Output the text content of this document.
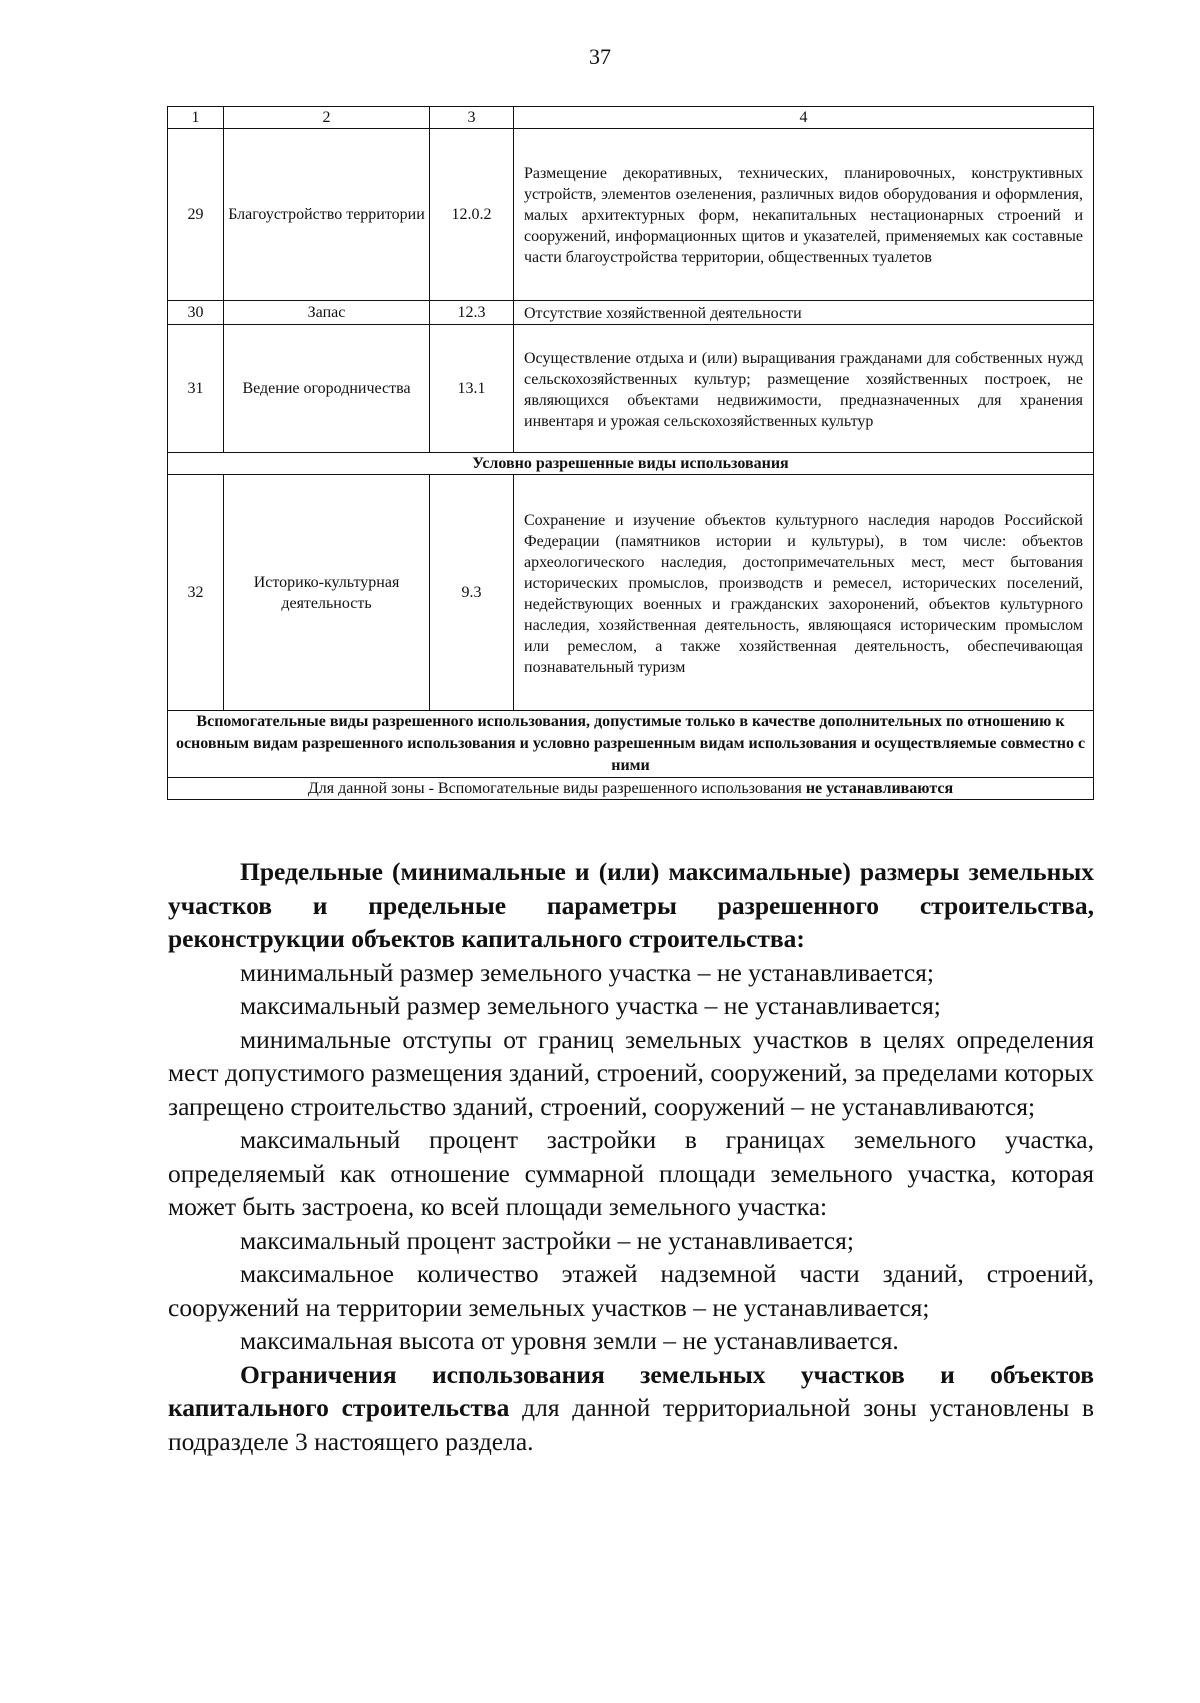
37
1	2	3	4
29	Благоустройство территории	12.0.2	Размещение декоративных, технических, планировочных, конструктивных устройств, элементов озеленения, различных видов оборудования и оформления, малых архитектурных форм, некапитальных нестационарных строений и сооружений, информационных щитов и указателей, применяемых как составные части благоустройства территории, общественных туалетов
30	Запас	12.3	Отсутствие хозяйственной деятельности
31	Ведение огородничества	13.1	Осуществление отдыха и (или) выращивания гражданами для собственных нужд сельскохозяйственных культур; размещение хозяйственных построек, не являющихся объектами недвижимости, предназначенных для хранения инвентаря и урожая сельскохозяйственных культур
Условно разрешенные виды использования			
32	Историко-культурная деятельность	9.3	Сохранение и изучение объектов культурного наследия народов Российской Федерации (памятников истории и культуры), в том числе: объектов археологического наследия, достопримечательных мест, мест бытования исторических промыслов, производств и ремесел, исторических поселений, недействующих военных и гражданских захоронений, объектов культурного наследия, хозяйственная деятельность, являющаяся историческим промыслом или ремеслом, а также хозяйственная деятельность, обеспечивающая познавательный туризм
Вспомогательные виды разрешенного использования, допустимые только в качестве дополнительных по отношению к основным видам разрешенного использования и условно разрешенным видам использования и осуществляемые совместно с ними			
Для данной зоны - Вспомогательные виды разрешенного использования не устанавливаются			

Предельные (минимальные и (или) максимальные) размеры земельных участков и предельные параметры разрешенного строительства, реконструкции объектов капитального строительства:

минимальный размер земельного участка – не устанавливается;

максимальный размер земельного участка – не устанавливается;

минимальные отступы от границ земельных участков в целях определения мест допустимого размещения зданий, строений, сооружений, за пределами которых запрещено строительство зданий, строений, сооружений – не устанавливаются;

максимальный процент застройки в границах земельного участка, определяемый как отношение суммарной площади земельного участка, которая может быть застроена, ко всей площади земельного участка:

максимальный процент застройки – не устанавливается;

максимальное количество этажей надземной части зданий, строений, сооружений на территории земельных участков – не устанавливается;

максимальная высота от уровня земли – не устанавливается.

Ограничения использования земельных участков и объектов капитального строительства для данной территориальной зоны установлены в подразделе 3 настоящего раздела.
